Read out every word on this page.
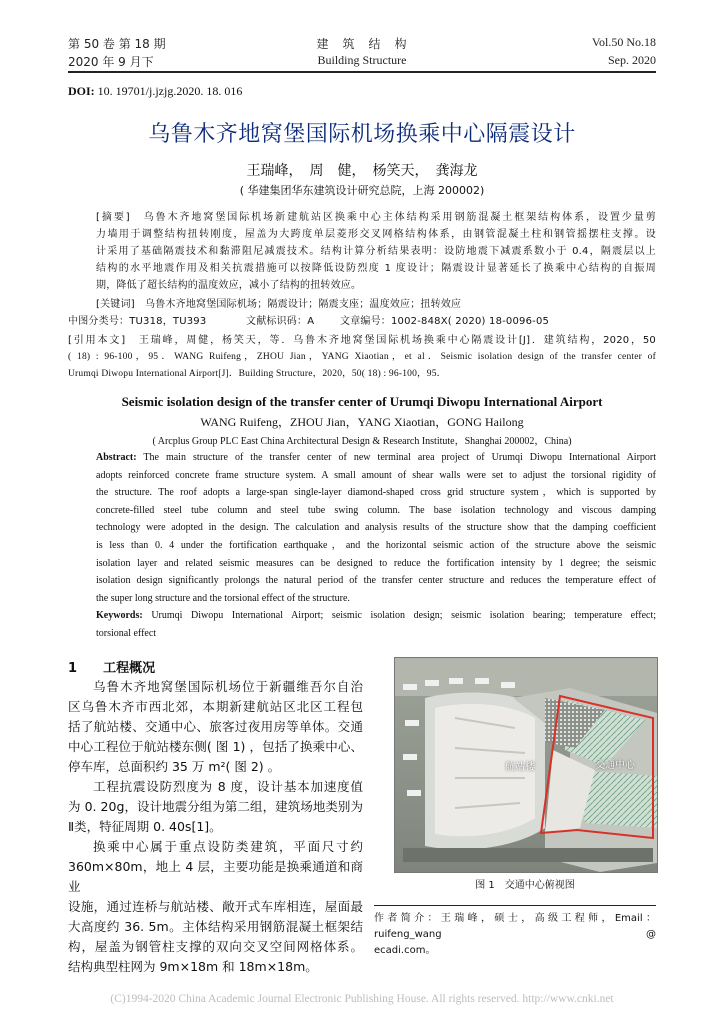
第 50 卷 第 18 期
2020 年 9 月下
建　筑　结　构
Building Structure
Vol.50 No.18
Sep. 2020
DOI: 10. 19701/j.jzjg.2020. 18. 016
乌鲁木齐地窝堡国际机场换乘中心隔震设计
王瑞峰，　周　健，　杨笑天，　龚海龙
( 华建集团华东建筑设计研究总院，上海 200002)
[摘要]　 乌鲁木齐地窝堡国际机场新建航站区换乘中心主体结构采用钢筋混凝土框架结构体系，设置少量剪
力墙用于调整结构扭转刚度，屋盖为大跨度单层菱形交叉网格结构体系，由钢管混凝土柱和钢管摇摆柱支撑。设
计采用了基础隔震技术和黏滞阻尼减震技术。结构计算分析结果表明：设防地震下减震系数小于 0.4，隔震层以上
结构的水平地震作用及相关抗震措施可以按降低设防烈度 1 度设计；隔震设计显著延长了换乘中心结构的自振周
期，降低了超长结构的温度效应，减小了结构的扭转效应。
[关键词]　 乌鲁木齐地窝堡国际机场；隔震设计；隔震支座；温度效应；扭转效应
中图分类号：TU318，TU393	文献标识码：A	文章编号：1002-848X( 2020) 18-0096-05
[引用本文]　 王瑞峰，周健，杨笑天，等．乌鲁木齐地窝堡国际机场换乘中心隔震设计[J]．建筑结构，2020，50
( 18) : 96-100，95．WANG Ruifeng，ZHOU Jian，YANG Xiaotian，et al．Seismic isolation design of the transfer center of
Urumqi Diwopu International Airport[J]．Building Structure，2020，50( 18) : 96-100，95．
Seismic isolation design of the transfer center of Urumqi Diwopu International Airport
WANG Ruifeng，ZHOU Jian，YANG Xiaotian，GONG Hailong
( Arcplus Group PLC East China Architectural Design & Research Institute，Shanghai 200002，China)
Abstract: The main structure of the transfer center of new terminal area project of Urumqi Diwopu International Airport
adopts reinforced concrete frame structure system. A small amount of shear walls were set to adjust the torsional rigidity of
the structure. The roof adopts a large-span single-layer diamond-shaped cross grid structure system，which is supported by
concrete-filled steel tube column and steel tube swing column. The base isolation technology and viscous damping
technology were adopted in the design. The calculation and analysis results of the structure show that the damping coefficient
is less than 0. 4 under the fortification earthquake，and the horizontal seismic action of the structure above the seismic
isolation layer and related seismic measures can be designed to reduce the fortification intensity by 1 degree; the seismic
isolation design significantly prolongs the natural period of the transfer center structure and reduces the temperature effect of
the super long structure and the torsional effect of the structure.
Keywords: Urumqi Diwopu International Airport; seismic isolation design; seismic isolation bearing; temperature effect;
torsional effect
1　　 工程概况
乌鲁木齐地窝堡国际机场位于新疆维吾尔自治
区乌鲁木齐市西北郊，本期新建航站区北区工程包
括了航站楼、交通中心、旅客过夜用房等单体。交通
中心工程位于航站楼东侧( 图 1) ，包括了换乘中心、
停车库，总面积约 35 万 m²( 图 2) 。
工程抗震设防烈度为 8 度，设计基本加速度值
为 0. 20g，设计地震分组为第二组，建筑场地类别为
Ⅱ类，特征周期 0. 40s[1]。
换乘中心属于重点设防类建筑，平面尺寸约
360m×80m，地上 4 层，主要功能是换乘通道和商业
设施，通过连桥与航站楼、敞开式车库相连，屋面最
大高度约 36. 5m。主体结构采用钢筋混凝土框架结
构，屋盖为钢管柱支撑的双向交叉空间网格体系。
结构典型柱网为 9m×18m 和 18m×18m。
航站楼	交通中心
图 1　交通中心俯视图
作者简介：王瑞峰，硕士，高级工程师，Email：ruifeng_wang @
ecadi.com。
(C)1994-2020 China Academic Journal Electronic Publishing House. All rights reserved. http://www.cnki.net
